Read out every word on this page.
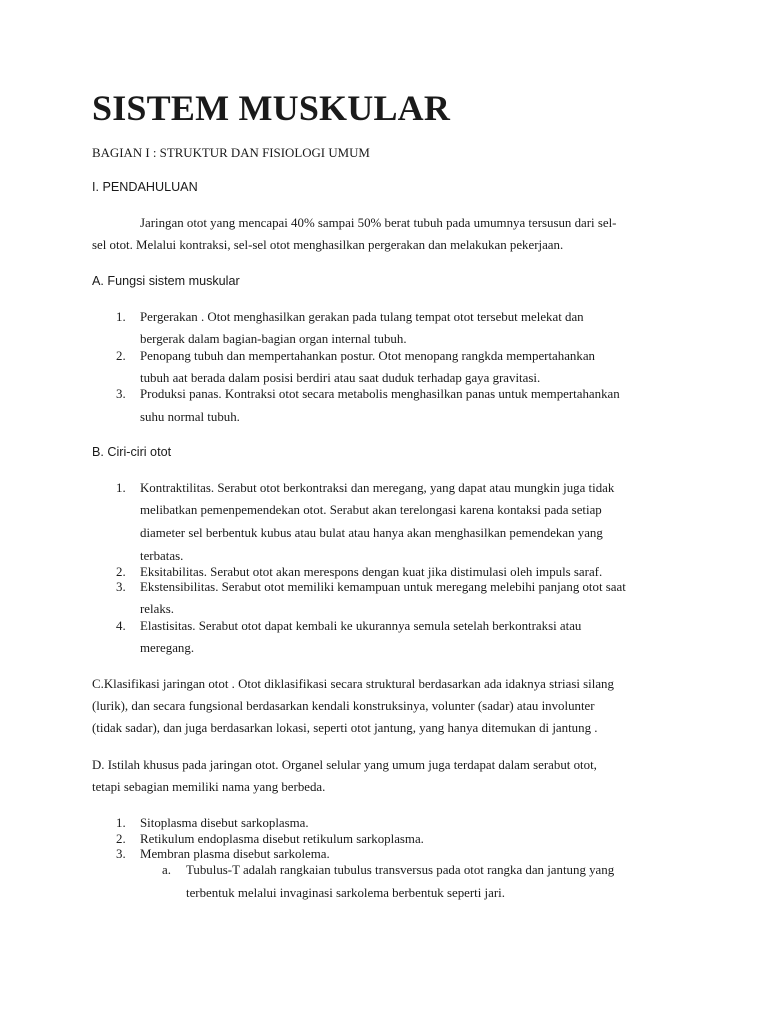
SISTEM MUSKULAR

BAGIAN I : STRUKTUR DAN FISIOLOGI UMUM

I. PENDAHULUAN

Jaringan otot yang mencapai 40% sampai 50% berat tubuh pada umumnya tersusun dari sel-

sel otot. Melalui kontraksi, sel-sel otot menghasilkan pergerakan dan melakukan pekerjaan.

A. Fungsi sistem muskular

1. Pergerakan . Otot menghasilkan gerakan pada tulang tempat otot tersebut melekat dan
bergerak dalam bagian-bagian organ internal tubuh.
2. Penopang tubuh dan mempertahankan postur. Otot menopang rangkda mempertahankan
tubuh aat berada dalam posisi berdiri atau saat duduk terhadap gaya gravitasi.
3. Produksi panas. Kontraksi otot secara metabolis menghasilkan panas untuk mempertahankan
suhu normal tubuh.

B. Ciri-ciri otot

1. Kontraktilitas. Serabut otot berkontraksi dan meregang, yang dapat atau mungkin juga tidak
melibatkan pemenpemendekan otot. Serabut akan terelongasi karena kontaksi pada setiap
diameter sel berbentuk kubus atau bulat atau hanya akan menghasilkan pemendekan yang
terbatas.
2. Eksitabilitas. Serabut otot akan merespons dengan kuat jika distimulasi oleh impuls saraf.
3. Ekstensibilitas. Serabut otot memiliki kemampuan untuk meregang melebihi panjang otot saat
relaks.
4. Elastisitas. Serabut otot dapat kembali ke ukurannya semula setelah berkontraksi atau
meregang.

C.Klasifikasi jaringan otot . Otot diklasifikasi secara struktural berdasarkan ada idaknya striasi silang

(lurik), dan secara fungsional berdasarkan kendali konstruksinya, volunter (sadar) atau involunter

(tidak sadar), dan juga berdasarkan lokasi, seperti otot jantung, yang hanya ditemukan di jantung .

D. Istilah khusus pada jaringan otot. Organel selular yang umum juga terdapat dalam serabut otot,

tetapi sebagian memiliki nama yang berbeda.

1. Sitoplasma disebut sarkoplasma.
2. Retikulum endoplasma disebut retikulum sarkoplasma.
3. Membran plasma disebut sarkolema.
a. Tubulus-T adalah rangkaian tubulus transversus pada otot rangka dan jantung yang
terbentuk melalui invaginasi sarkolema berbentuk seperti jari.
